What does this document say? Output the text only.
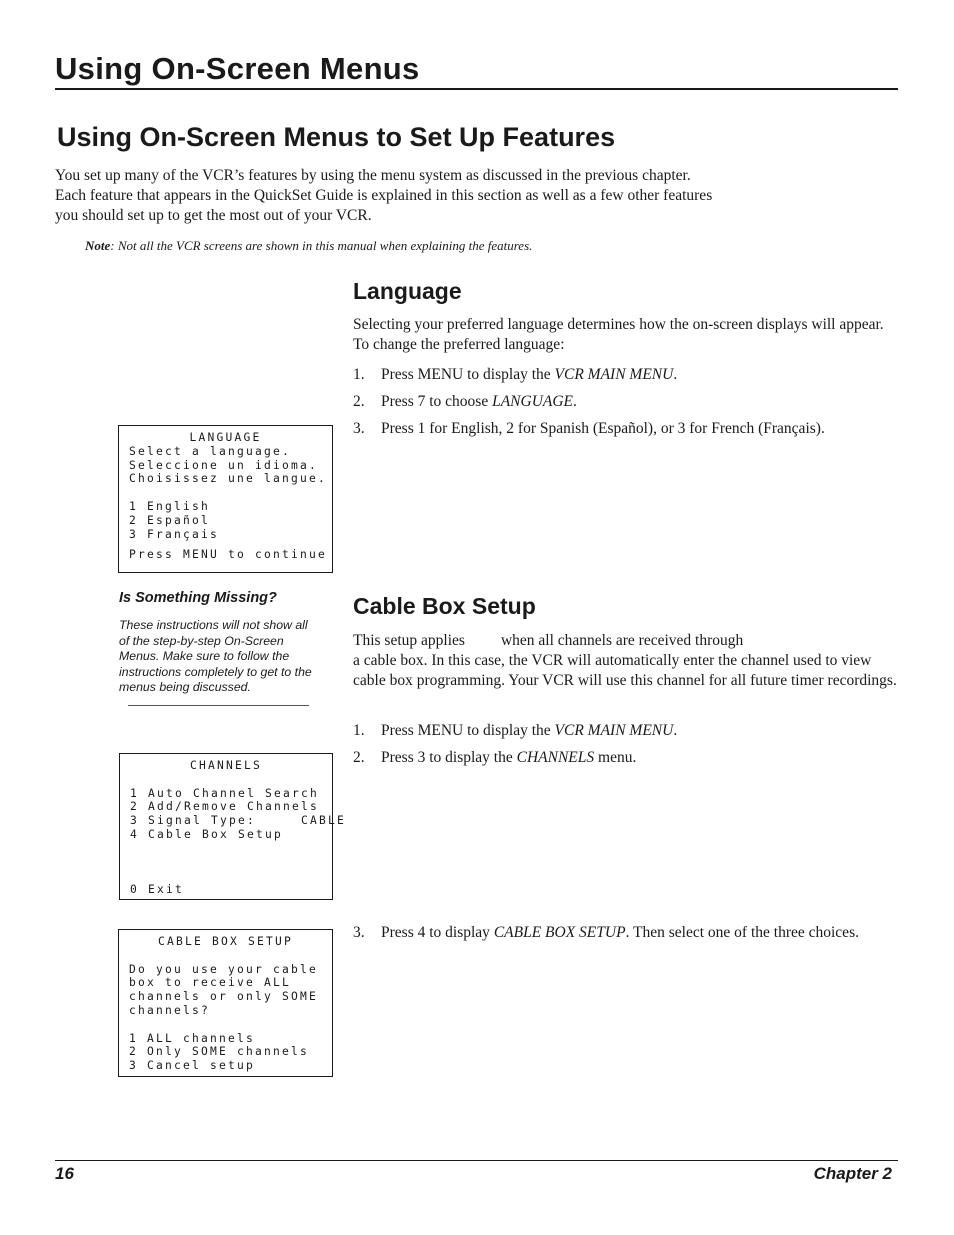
Using On-Screen Menus
Using On-Screen Menus to Set Up Features
You set up many of the VCR’s features by using the menu system as discussed in the previous chapter. Each feature that appears in the QuickSet Guide is explained in this section as well as a few other features you should set up to get the most out of your VCR.
Note: Not all the VCR screens are shown in this manual when explaining the features.
Language
Selecting your preferred language determines how the on-screen displays will appear. To change the preferred language:
1. Press MENU to display the VCR MAIN MENU.
2. Press 7 to choose LANGUAGE.
3. Press 1 for English, 2 for Spanish (Español), or 3 for French (Français).
LANGUAGE
Select a language.
Seleccione un idioma.
Choisissez une langue.
1 English
2 Español
3 Français
Press MENU to continue
Is Something Missing?
These instructions will not show all of the step-by-step On-Screen Menus. Make sure to follow the instructions completely to get to the menus being discussed.
Cable Box Setup
This setup applies when all channels are received through
a cable box. In this case, the VCR will automatically enter the channel used to view cable box programming. Your VCR will use this channel for all future timer recordings.
1. Press MENU to display the VCR MAIN MENU.
2. Press 3 to display the CHANNELS menu.
3. Press 4 to display CABLE BOX SETUP. Then select one of the three choices.
CHANNELS
1 Auto Channel Search
2 Add/Remove Channels
3 Signal Type:     CABLE
4 Cable Box Setup
0 Exit
CABLE BOX SETUP
Do you use your cable
box to receive ALL
channels or only SOME
channels?
1 ALL channels
2 Only SOME channels
3 Cancel setup
16	Chapter 2
